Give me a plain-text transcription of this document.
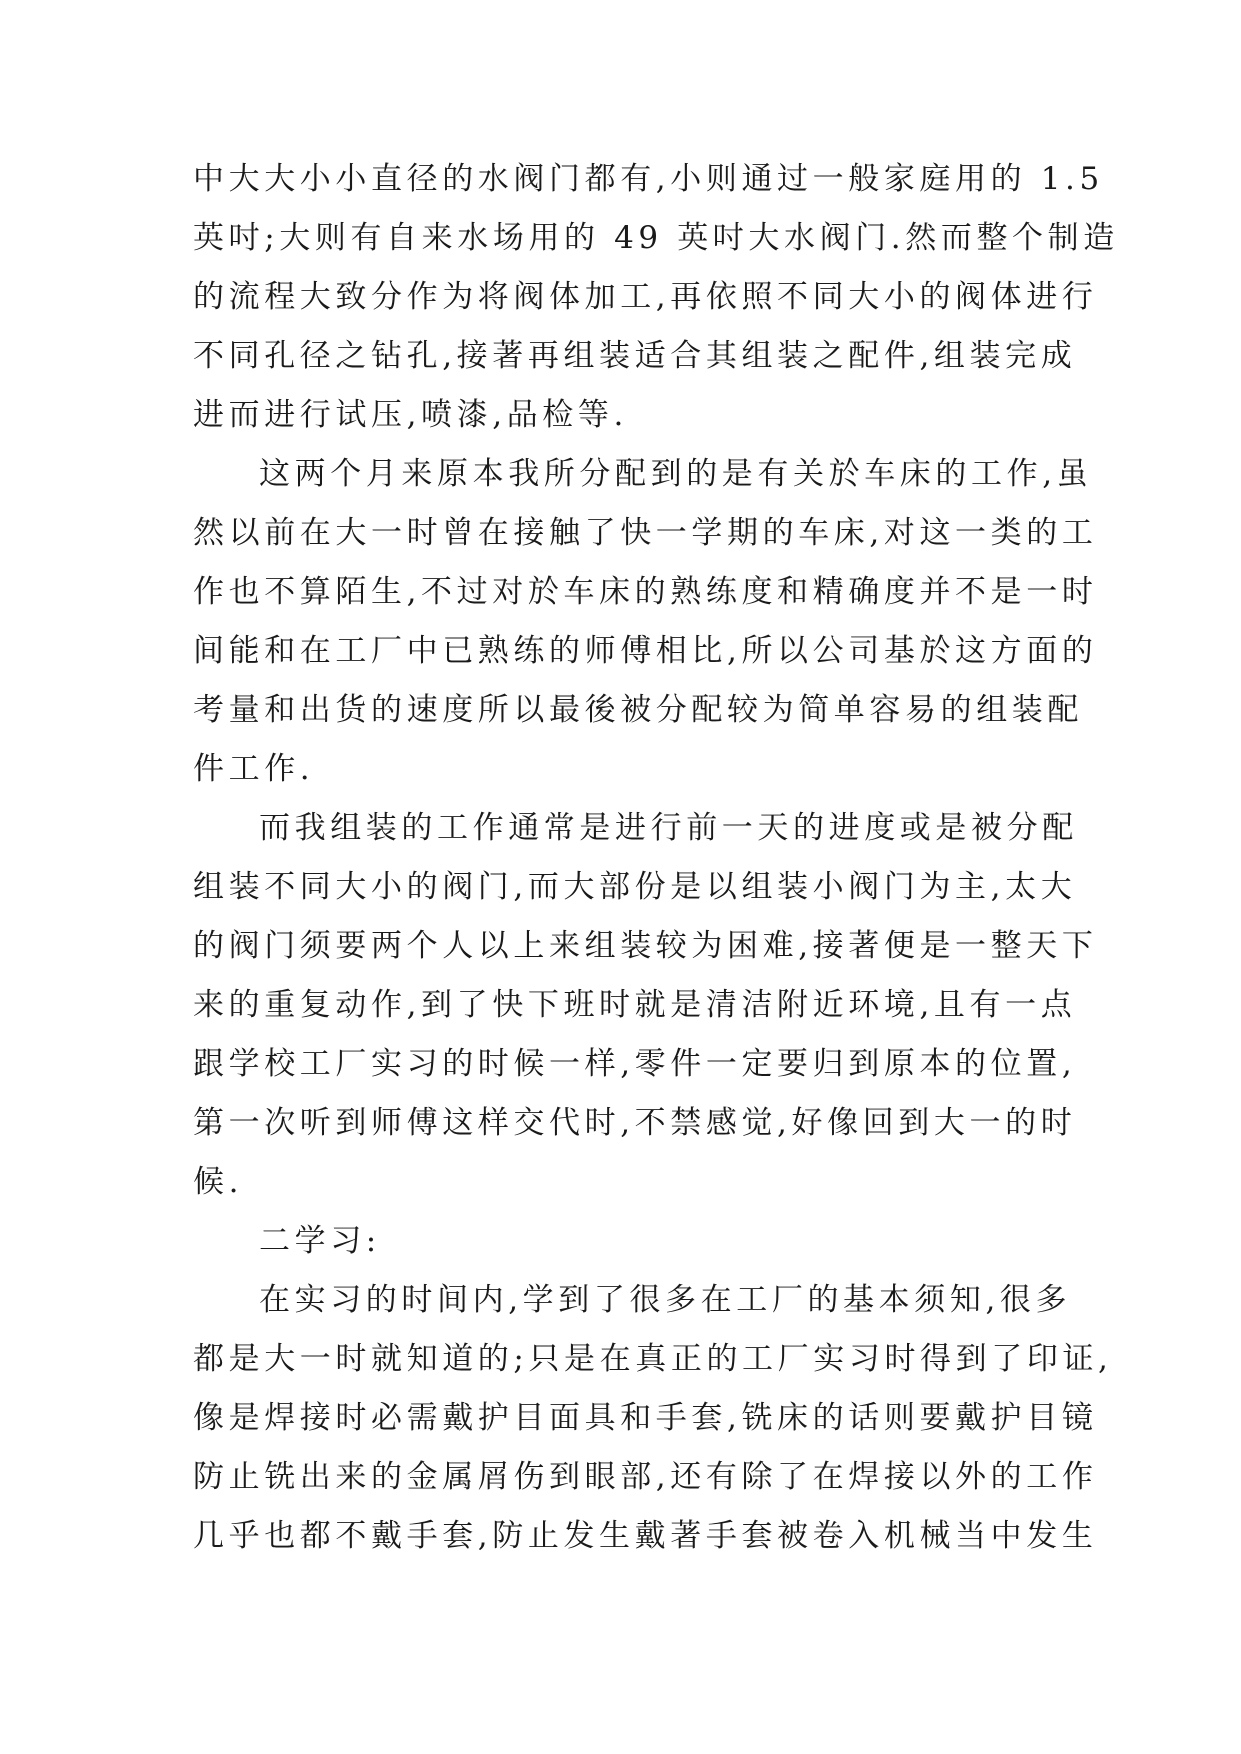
中大大小小直径的水阀门都有,小则通过一般家庭用的 1.5
英吋;大则有自来水场用的 49 英吋大水阀门.然而整个制造
的流程大致分作为将阀体加工,再依照不同大小的阀体进行
不同孔径之钻孔,接著再组装适合其组装之配件,组装完成
进而进行试压,喷漆,品检等.
这两个月来原本我所分配到的是有关於车床的工作,虽
然以前在大一时曾在接触了快一学期的车床,对这一类的工
作也不算陌生,不过对於车床的熟练度和精确度并不是一时
间能和在工厂中已熟练的师傅相比,所以公司基於这方面的
考量和出货的速度所以最後被分配较为简单容易的组装配
件工作.
而我组装的工作通常是进行前一天的进度或是被分配
组装不同大小的阀门,而大部份是以组装小阀门为主,太大
的阀门须要两个人以上来组装较为困难,接著便是一整天下
来的重复动作,到了快下班时就是清洁附近环境,且有一点
跟学校工厂实习的时候一样,零件一定要归到原本的位置,
第一次听到师傅这样交代时,不禁感觉,好像回到大一的时
候.
二学习:
在实习的时间内,学到了很多在工厂的基本须知,很多
都是大一时就知道的;只是在真正的工厂实习时得到了印证,
像是焊接时必需戴护目面具和手套,铣床的话则要戴护目镜
防止铣出来的金属屑伤到眼部,还有除了在焊接以外的工作
几乎也都不戴手套,防止发生戴著手套被卷入机械当中发生
